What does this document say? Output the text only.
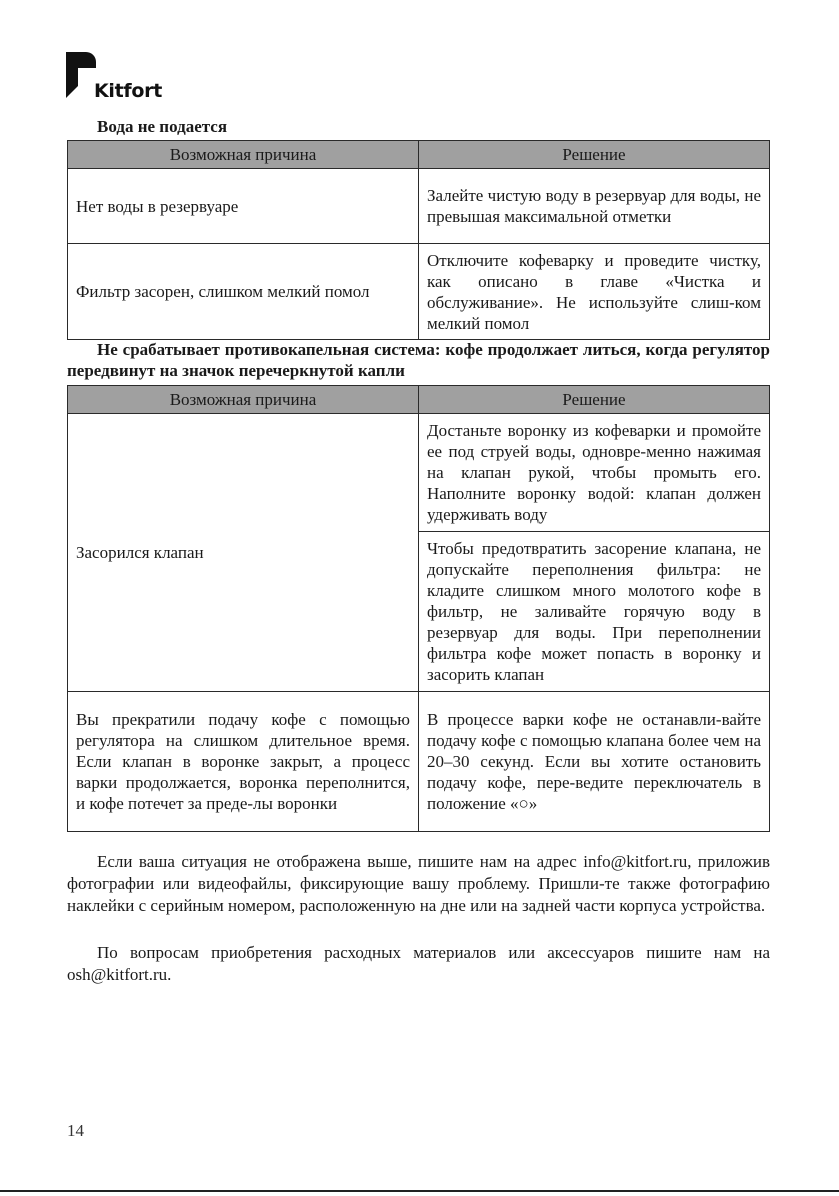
Kitfort
Вода не подается
Возможная причина	Решение
Нет воды в резервуаре	Залейте чистую воду в резервуар для воды, не превышая максимальной отметки
Фильтр засорен, слишком мелкий помол	Отключите кофеварку и проведите чистку, как описано в главе «Чистка и обслуживание». Не используйте слиш-ком мелкий помол
Не срабатывает противокапельная система: кофе продолжает литься, когда регулятор передвинут на значок перечеркнутой капли
Возможная причина	Решение
Засорился клапан	Достаньте воронку из кофеварки и промойте ее под струей воды, одновре-менно нажимая на клапан рукой, чтобы промыть его. Наполните воронку водой: клапан должен удерживать воду
	Чтобы предотвратить засорение клапана, не допускайте переполнения фильтра: не кладите слишком много молотого кофе в фильтр, не заливайте горячую воду в резервуар для воды. При переполнении фильтра кофе может попасть в воронку и засорить клапан
Вы прекратили подачу кофе с помощью регулятора на слишком длительное время. Если клапан в воронке закрыт, а процесс варки продолжается, воронка переполнится, и кофе потечет за преде-лы воронки	В процессе варки кофе не останавли-вайте подачу кофе с помощью клапана более чем на 20–30 секунд. Если вы хотите остановить подачу кофе, пере-ведите переключатель в положение «○»

Если ваша ситуация не отображена выше, пишите нам на адрес info@kitfort.ru, приложив фотографии или видеофайлы, фиксирующие вашу проблему. Пришли-те также фотографию наклейки с серийным номером, расположенную на дне или на задней части корпуса устройства.

По вопросам приобретения расходных материалов или аксессуаров пишите нам на osh@kitfort.ru.

14
